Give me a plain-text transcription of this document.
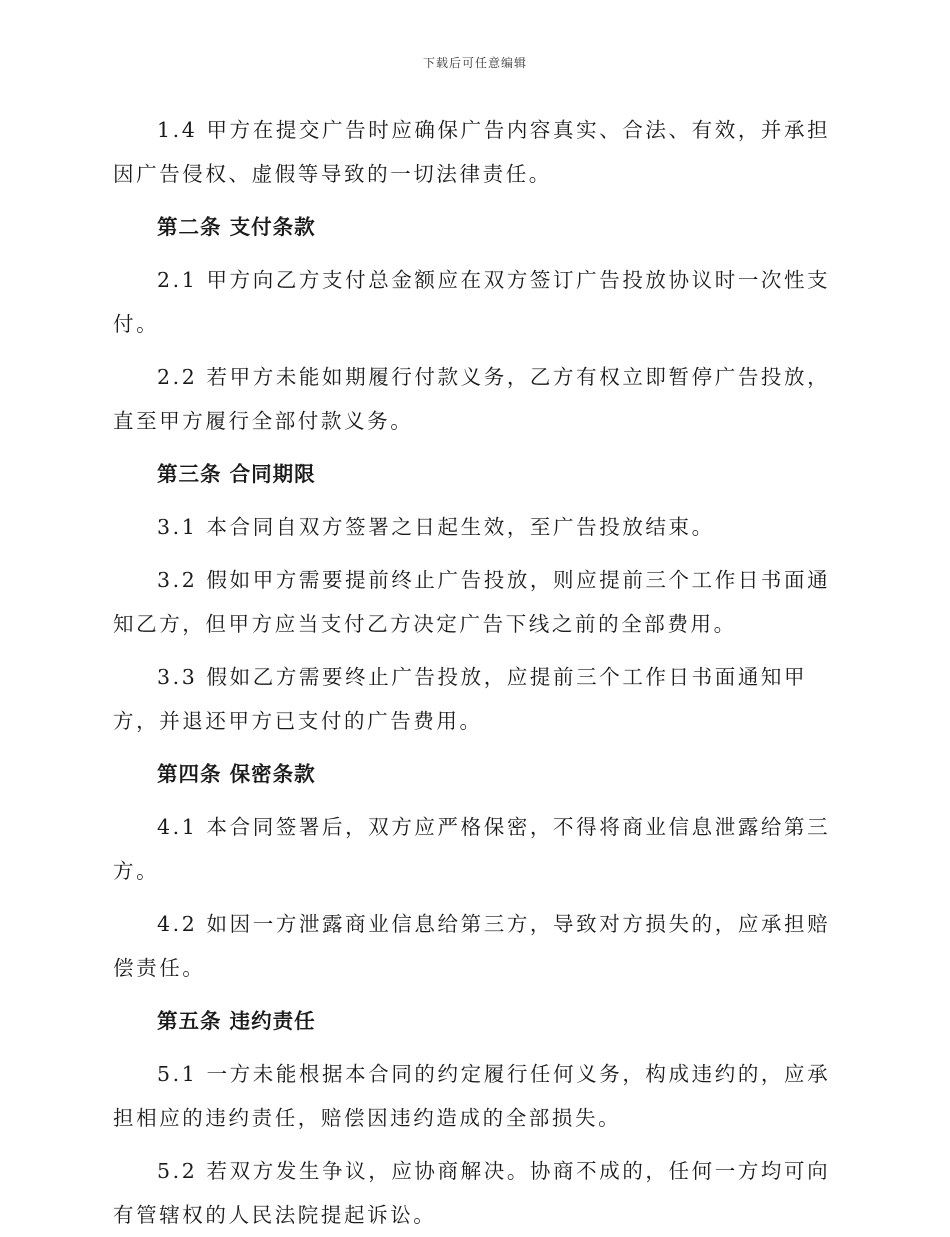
下载后可任意编辑

1.4 甲方在提交广告时应确保广告内容真实、合法、有效，并承担因广告侵权、虚假等导致的一切法律责任。

第二条 支付条款

2.1 甲方向乙方支付总金额应在双方签订广告投放协议时一次性支付。

2.2 若甲方未能如期履行付款义务，乙方有权立即暂停广告投放，直至甲方履行全部付款义务。

第三条 合同期限

3.1 本合同自双方签署之日起生效，至广告投放结束。

3.2 假如甲方需要提前终止广告投放，则应提前三个工作日书面通知乙方，但甲方应当支付乙方决定广告下线之前的全部费用。

3.3 假如乙方需要终止广告投放，应提前三个工作日书面通知甲方，并退还甲方已支付的广告费用。

第四条 保密条款

4.1 本合同签署后，双方应严格保密，不得将商业信息泄露给第三方。

4.2 如因一方泄露商业信息给第三方，导致对方损失的，应承担赔偿责任。

第五条 违约责任

5.1 一方未能根据本合同的约定履行任何义务，构成违约的，应承担相应的违约责任，赔偿因违约造成的全部损失。

5.2 若双方发生争议，应协商解决。协商不成的，任何一方均可向有管辖权的人民法院提起诉讼。
